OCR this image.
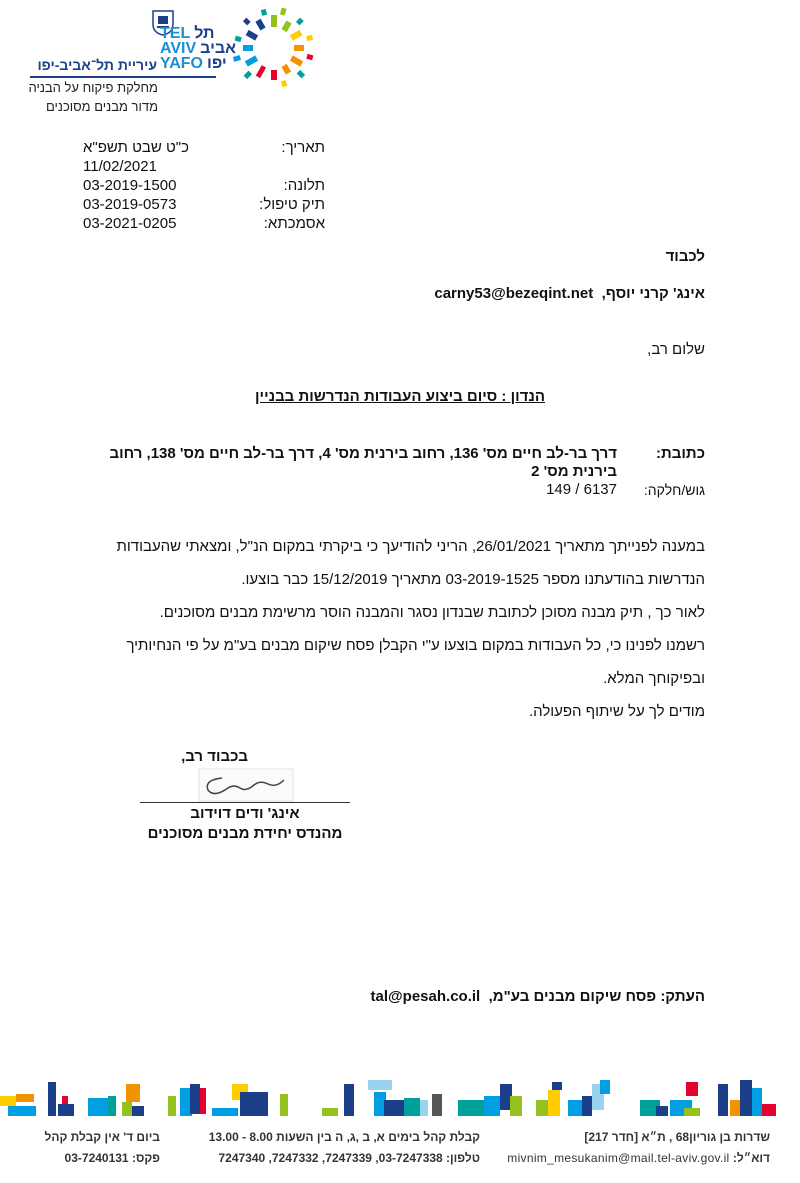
עיריית תל־אביב-יפו
מחלקת פיקוח על הבניה
מדור מבנים מסוכנים
TEL תל
AVIV אביב
YAFO יפו
תאריך:
כ"ט שבט תשפ"א
11/02/2021
תלונה:
03-2019-1500
תיק טיפול:
03-2019-0573
אסמכתא:
03-2021-0205
לכבוד
אינג' קרני יוסף,  carny53@bezeqint.net
שלום רב,
הנדון : סיום ביצוע העבודות הנדרשות בבניין
כתובת:
דרך בר-לב חיים מס' 136, רחוב בירנית מס' 4, דרך בר-לב חיים מס' 138, רחוב
בירנית מס' 2
גוש/חלקה:
149 / 6137
במענה לפנייתך מתאריך 26/01/2021, הריני להודיעך כי ביקרתי במקום הנ"ל, ומצאתי שהעבודות
הנדרשות בהודעתנו מספר 03-2019-1525 מתאריך 15/12/2019 כבר בוצעו.
לאור כך , תיק מבנה מסוכן לכתובת שבנדון נסגר והמבנה הוסר מרשימת מבנים מסוכנים.
רשמנו לפנינו כי, כל העבודות במקום בוצעו ע"י הקבלן פסח שיקום מבנים בע"מ על פי הנחיותיך
ובפיקוחך המלא.
מודים לך על שיתוף הפעולה.
בכבוד רב,
אינג' ודים דוידוב
מהנדס יחידת מבנים מסוכנים
העתק: פסח שיקום מבנים בע"מ,  tal@pesah.co.il
שדרות בן גוריון68 , ת״א [חדר 217]
דוא״ל: mivnim_mesukanim@mail.tel-aviv.gov.il
קבלת קהל בימים א, ב ,ג, ה בין השעות 8.00 - 13.00
טלפון: 03-7247338, 7247339, 7247332, 7247340
ביום ד' אין קבלת קהל
פקס: 03-7240131
